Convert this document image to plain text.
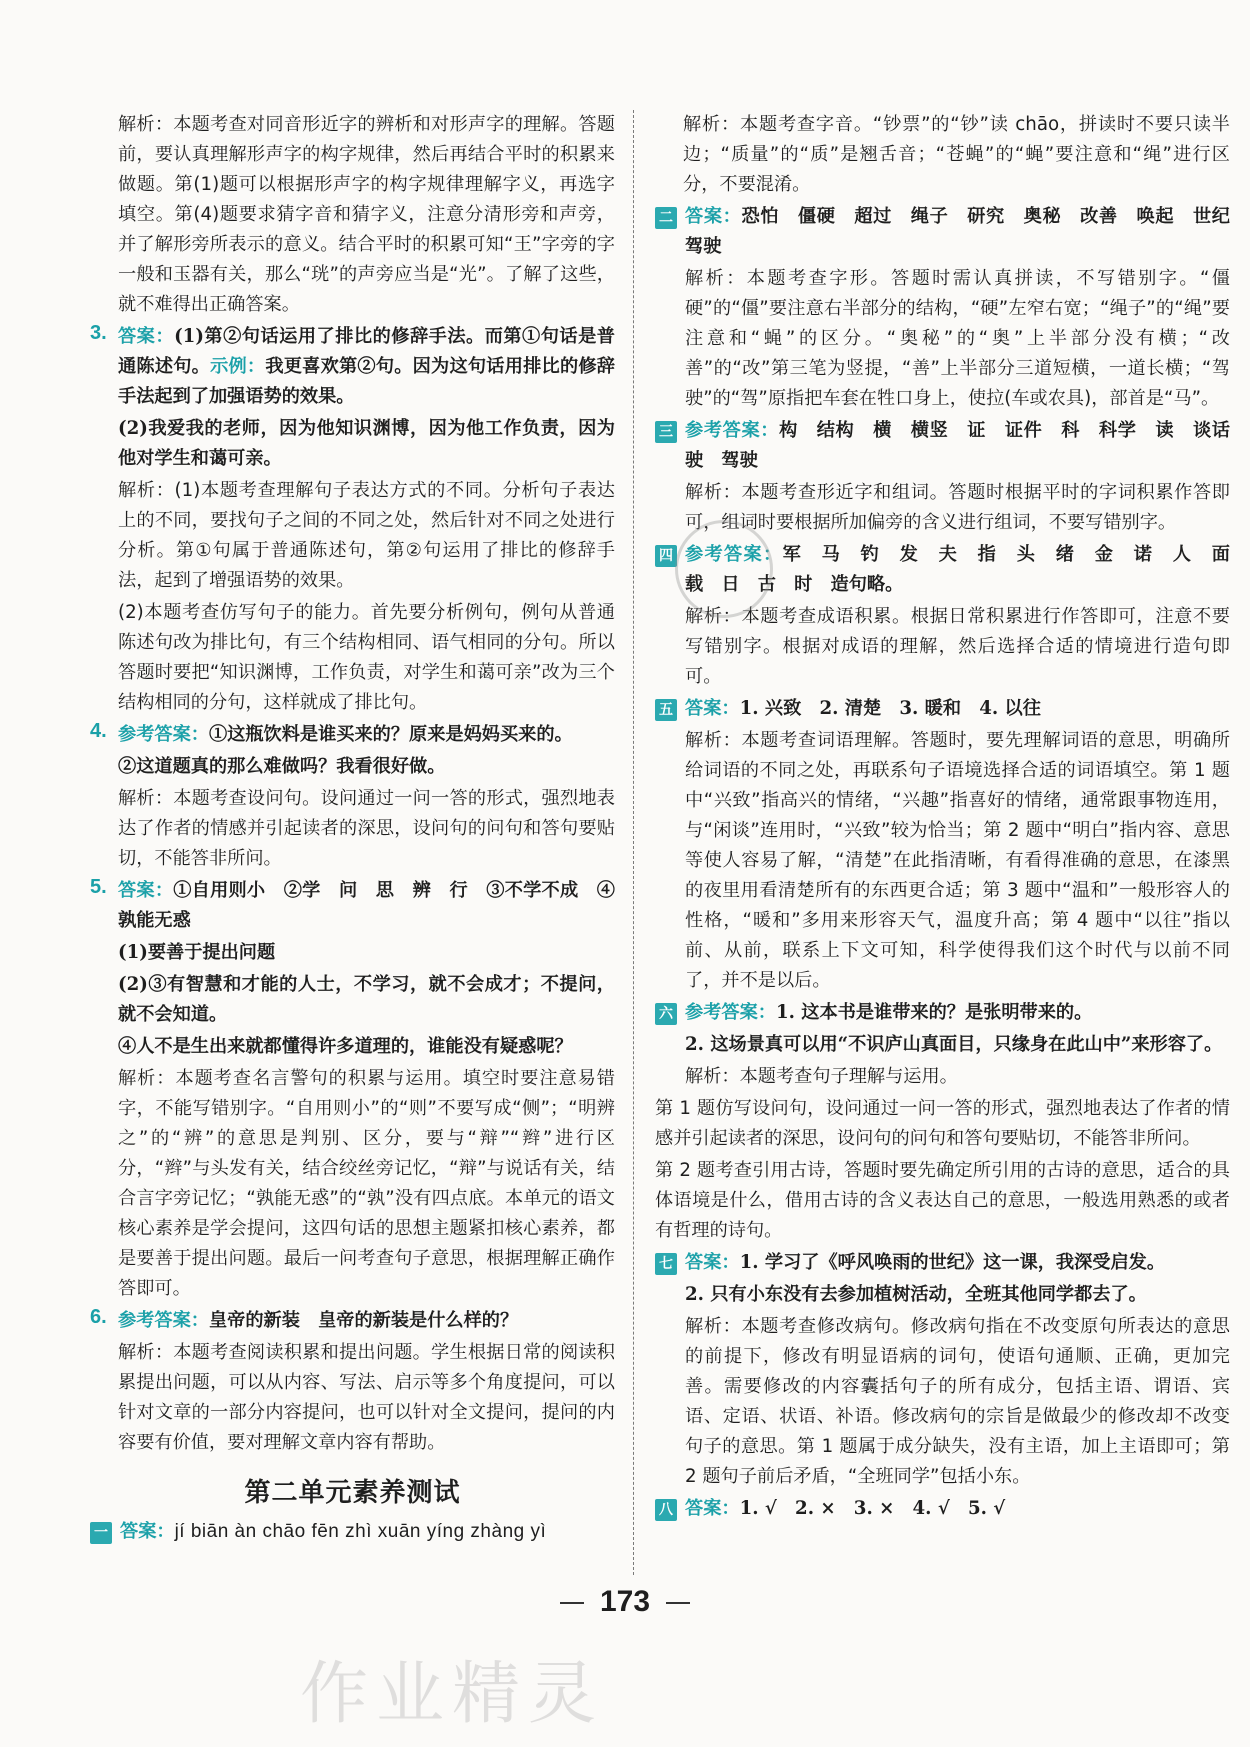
解析：本题考查对同音形近字的辨析和对形声字的理解。答题前，要认真理解形声字的构字规律，然后再结合平时的积累来做题。第(1)题可以根据形声字的构字规律理解字义，再选字填空。第(4)题要求猜字音和猜字义，注意分清形旁和声旁，并了解形旁所表示的意义。结合平时的积累可知“王”字旁的字一般和玉器有关，那么“珖”的声旁应当是“光”。了解了这些，就不难得出正确答案。

3. 答案：(1)第②句话运用了排比的修辞手法。而第①句话是普通陈述句。示例：我更喜欢第②句。因为这句话用排比的修辞手法起到了加强语势的效果。

(2)我爱我的老师，因为他知识渊博，因为他工作负责，因为他对学生和蔼可亲。

解析：(1)本题考查理解句子表达方式的不同。分析句子表达上的不同，要找句子之间的不同之处，然后针对不同之处进行分析。第①句属于普通陈述句，第②句运用了排比的修辞手法，起到了增强语势的效果。

(2)本题考查仿写句子的能力。首先要分析例句，例句从普通陈述句改为排比句，有三个结构相同、语气相同的分句。所以答题时要把“知识渊博，工作负责，对学生和蔼可亲”改为三个结构相同的分句，这样就成了排比句。

4. 参考答案：①这瓶饮料是谁买来的？原来是妈妈买来的。

②这道题真的那么难做吗？我看很好做。

解析：本题考查设问句。设问通过一问一答的形式，强烈地表达了作者的情感并引起读者的深思，设问句的问句和答句要贴切，不能答非所问。

5. 答案：①自用则小　②学　问　思　辨　行　③不学不成　④孰能无惑

(1)要善于提出问题

(2)③有智慧和才能的人士，不学习，就不会成才；不提问，就不会知道。

④人不是生出来就都懂得许多道理的，谁能没有疑惑呢？

解析：本题考查名言警句的积累与运用。填空时要注意易错字，不能写错别字。“自用则小”的“则”不要写成“侧”；“明辨之”的“辨”的意思是判别、区分，要与“辩”“辫”进行区分，“辫”与头发有关，结合绞丝旁记忆，“辩”与说话有关，结合言字旁记忆；“孰能无惑”的“孰”没有四点底。本单元的语文核心素养是学会提问，这四句话的思想主题紧扣核心素养，都是要善于提出问题。最后一问考查句子意思，根据理解正确作答即可。

6. 参考答案：皇帝的新装　皇帝的新装是什么样的？

解析：本题考查阅读积累和提出问题。学生根据日常的阅读积累提出问题，可以从内容、写法、启示等多个角度提问，可以针对文章的一部分内容提问，也可以针对全文提问，提问的内容要有价值，要对理解文章内容有帮助。

第二单元素养测试
一 答案：jí biān àn chāo fēn zhì xuān yíng zhàng yì

解析：本题考查字音。“钞票”的“钞”读 chāo，拼读时不要只读半边；“质量”的“质”是翘舌音；“苍蝇”的“蝇”要注意和“绳”进行区分，不要混淆。

二 答案：恐怕　僵硬　超过　绳子　研究　奥秘　改善　唤起　世纪　驾驶

解析：本题考查字形。答题时需认真拼读，不写错别字。“僵硬”的“僵”要注意右半部分的结构，“硬”左窄右宽；“绳子”的“绳”要注意和“蝇”的区分。“奥秘”的“奥”上半部分没有横；“改善”的“改”第三笔为竖提，“善”上半部分三道短横，一道长横；“驾驶”的“驾”原指把车套在牲口身上，使拉(车或农具)，部首是“马”。

三 参考答案：构　结构　横　横竖　证　证件　科　科学　读　谈话　驶　驾驶

解析：本题考查形近字和组词。答题时根据平时的字词积累作答即可，组词时要根据所加偏旁的含义进行组词，不要写错别字。

四 参考答案：军　马　钓　发　夫　指　头　绪　金　诺　人　面　载　日　古　时　造句略。

解析：本题考查成语积累。根据日常积累进行作答即可，注意不要写错别字。根据对成语的理解，然后选择合适的情境进行造句即可。

五 答案：1. 兴致　2. 清楚　3. 暖和　4. 以往

解析：本题考查词语理解。答题时，要先理解词语的意思，明确所给词语的不同之处，再联系句子语境选择合适的词语填空。第 1 题中“兴致”指高兴的情绪，“兴趣”指喜好的情绪，通常跟事物连用，与“闲谈”连用时，“兴致”较为恰当；第 2 题中“明白”指内容、意思等使人容易了解，“清楚”在此指清晰，有看得准确的意思，在漆黑的夜里用看清楚所有的东西更合适；第 3 题中“温和”一般形容人的性格，“暖和”多用来形容天气，温度升高；第 4 题中“以往”指以前、从前，联系上下文可知，科学使得我们这个时代与以前不同了，并不是以后。

六 参考答案：1. 这本书是谁带来的？是张明带来的。

2. 这场景真可以用“不识庐山真面目，只缘身在此山中”来形容了。

解析：本题考查句子理解与运用。

第 1 题仿写设问句，设问通过一问一答的形式，强烈地表达了作者的情感并引起读者的深思，设问句的问句和答句要贴切，不能答非所问。

第 2 题考查引用古诗，答题时要先确定所引用的古诗的意思，适合的具体语境是什么，借用古诗的含义表达自己的意思，一般选用熟悉的或者有哲理的诗句。

七 答案：1. 学习了《呼风唤雨的世纪》这一课，我深受启发。

2. 只有小东没有去参加植树活动，全班其他同学都去了。

解析：本题考查修改病句。修改病句指在不改变原句所表达的意思的前提下，修改有明显语病的词句，使语句通顺、正确，更加完善。需要修改的内容囊括句子的所有成分，包括主语、谓语、宾语、定语、状语、补语。修改病句的宗旨是做最少的修改却不改变句子的意思。第 1 题属于成分缺失，没有主语，加上主语即可；第 2 题句子前后矛盾，“全班同学”包括小东。

八 答案：1. √　2. ×　3. ×　4. √　5. √

173
作业精灵
